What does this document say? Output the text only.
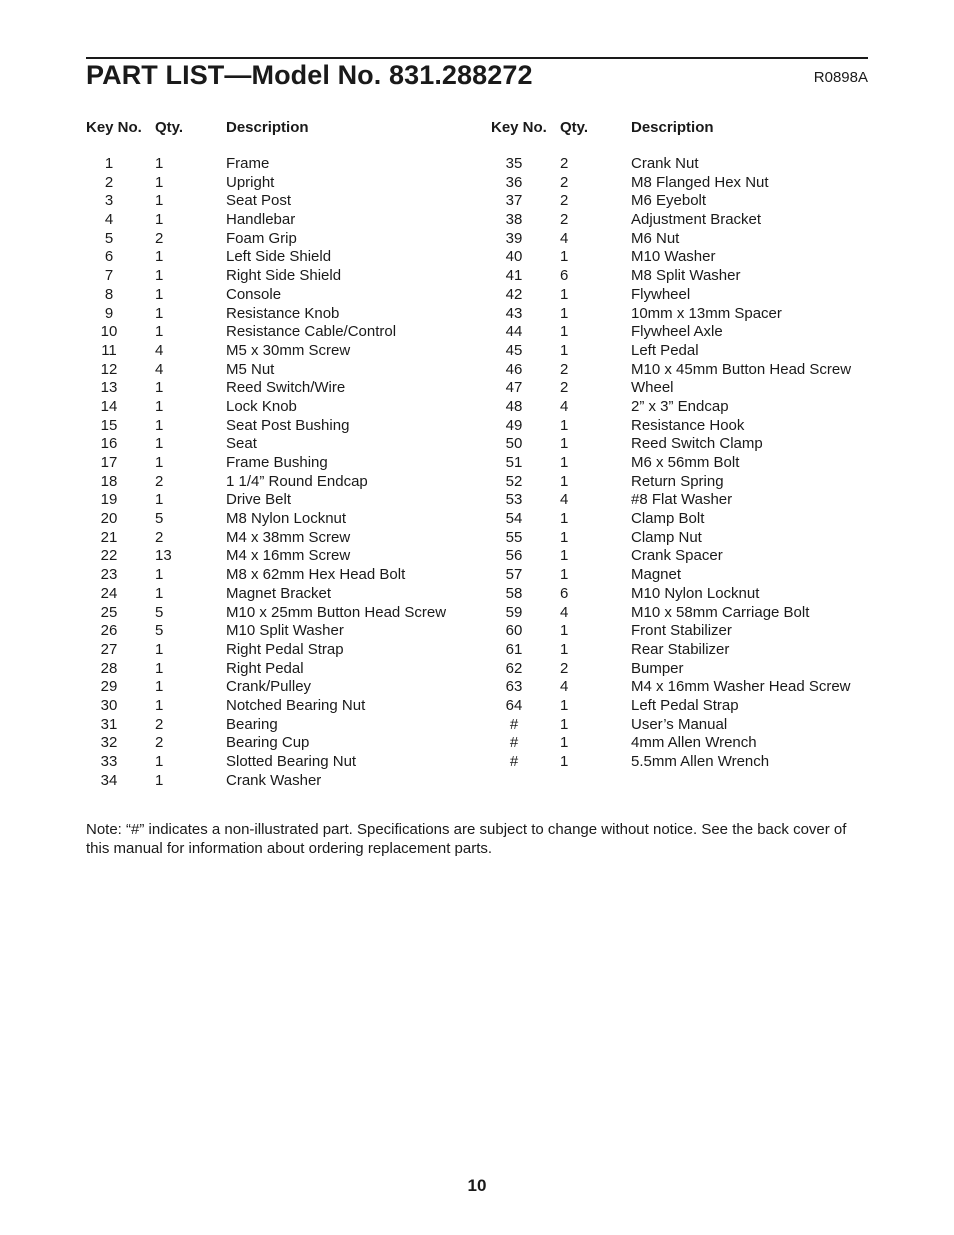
PART LIST—Model No. 831.288272	R0898A
Key No. Qty.	Description
1	1	Frame
2	1	Upright
3	1	Seat Post
4	1	Handlebar
5	2	Foam Grip
6	1	Left Side Shield
7	1	Right Side Shield
8	1	Console
9	1	Resistance Knob
10	1	Resistance Cable/Control
11	4	M5 x 30mm Screw
12	4	M5 Nut
13	1	Reed Switch/Wire
14	1	Lock Knob
15	1	Seat Post Bushing
16	1	Seat
17	1	Frame Bushing
18	2	1 1/4” Round Endcap
19	1	Drive Belt
20	5	M8 Nylon Locknut
21	2	M4 x 38mm Screw
22	13	M4 x 16mm Screw
23	1	M8 x 62mm Hex Head Bolt
24	1	Magnet Bracket
25	5	M10 x 25mm Button Head Screw
26	5	M10 Split Washer
27	1	Right Pedal Strap
28	1	Right Pedal
29	1	Crank/Pulley
30	1	Notched Bearing Nut
31	2	Bearing
32	2	Bearing Cup
33	1	Slotted Bearing Nut
34	1	Crank Washer
Key No. Qty.	Description
35	2	Crank Nut
36	2	M8 Flanged Hex Nut
37	2	M6 Eyebolt
38	2	Adjustment Bracket
39	4	M6 Nut
40	1	M10 Washer
41	6	M8 Split Washer
42	1	Flywheel
43	1	10mm x 13mm Spacer
44	1	Flywheel Axle
45	1	Left Pedal
46	2	M10 x 45mm Button Head Screw
47	2	Wheel
48	4	2” x 3” Endcap
49	1	Resistance Hook
50	1	Reed Switch Clamp
51	1	M6 x 56mm Bolt
52	1	Return Spring
53	4	#8 Flat Washer
54	1	Clamp Bolt
55	1	Clamp Nut
56	1	Crank Spacer
57	1	Magnet
58	6	M10 Nylon Locknut
59	4	M10 x 58mm Carriage Bolt
60	1	Front Stabilizer
61	1	Rear Stabilizer
62	2	Bumper
63	4	M4 x 16mm Washer Head Screw
64	1	Left Pedal Strap
#	1	User’s Manual
#	1	4mm Allen Wrench
#	1	5.5mm Allen Wrench
Note: “#” indicates a non-illustrated part. Specifications are subject to change without notice. See the back cover of this manual for information about ordering replacement parts.
10
